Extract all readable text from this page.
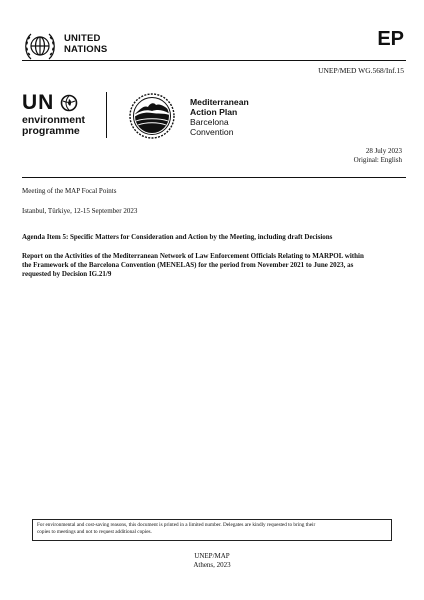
UNITED
NATIONS	EP
UNEP/MED WG.568/Inf.15
UN
environment
programme
Mediterranean
Action Plan
Barcelona
Convention
28 July 2023
Original: English
Meeting of the MAP Focal Points
Istanbul, Türkiye, 12-15 September 2023
Agenda Item 5: Specific Matters for Consideration and Action by the Meeting, including draft Decisions
Report on the Activities of the Mediterranean Network of Law Enforcement Officials Relating to MARPOL within
the Framework of the Barcelona Convention (MENELAS) for the period from November 2021 to June 2023, as
requested by Decision IG.21/9
For environmental and cost-saving reasons, this document is printed in a limited number. Delegates are kindly requested to bring their
copies to meetings and not to request additional copies.
UNEP/MAP
Athens, 2023
